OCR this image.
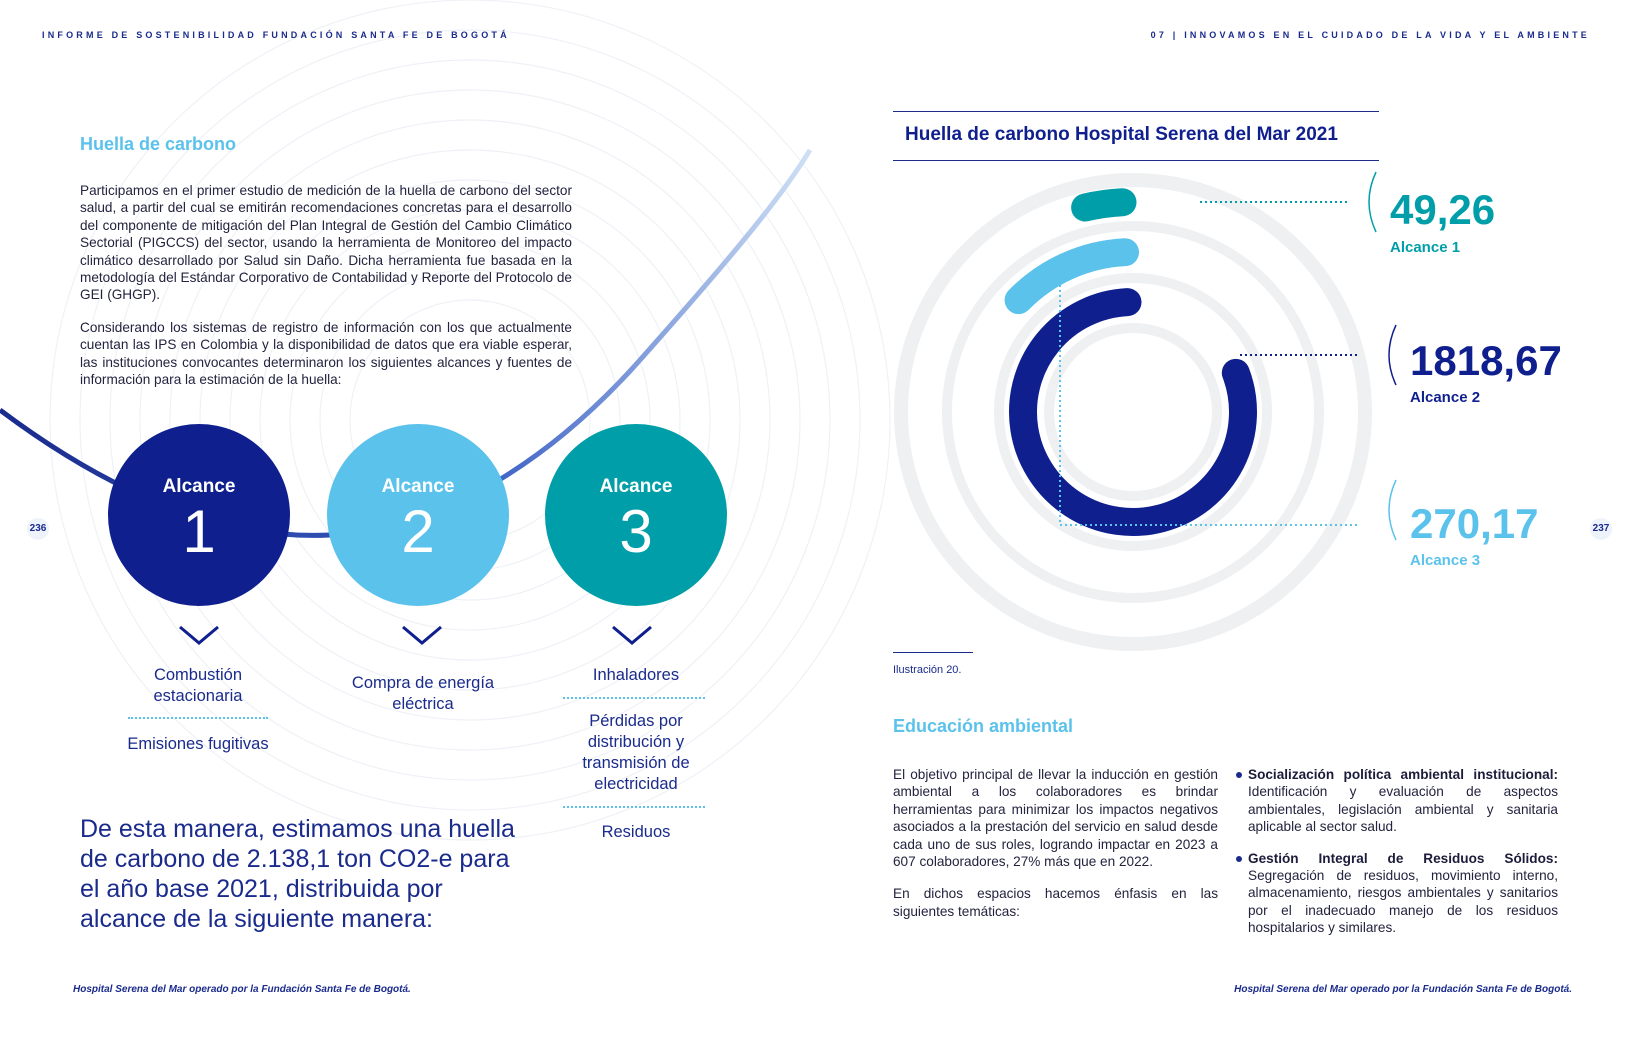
INFORME DE SOSTENIBILIDAD FUNDACIÓN SANTA FE DE BOGOTÁ	07 | INNOVAMOS EN EL CUIDADO DE LA VIDA Y EL AMBIENTE
236	237
Huella de carbono

Participamos en el primer estudio de medición de la huella de carbono del sector salud, a partir del cual se emitirán recomendaciones concretas para el desarrollo del componente de mitigación del Plan Integral de Gestión del Cambio Climático Sectorial (PIGCCS) del sector, usando la herramienta de Monitoreo del impacto climático desarrollado por Salud sin Daño. Dicha herramienta fue basada en la metodología del Estándar Corporativo de Contabilidad y Reporte del Protocolo de GEI (GHGP).

Considerando los sistemas de registro de información con los que actualmente cuentan las IPS en Colombia y la disponibilidad de datos que era viable esperar, las instituciones convocantes determinaron los siguientes alcances y fuentes de información para la estimación de la huella:

Alcance
1
Alcance
2
Alcance
3
Combustión estacionaria
Emisiones fugitivas
Compra de energía eléctrica
Inhaladores
Pérdidas por distribución y transmisión de electricidad
Residuos
De esta manera, estimamos una huella de carbono de 2.138,1 ton CO2-e para el año base 2021, distribuida por alcance de la siguiente manera:
Hospital Serena del Mar operado por la Fundación Santa Fe de Bogotá.
Huella de carbono Hospital Serena del Mar 2021
49,26
Alcance 1
1818,67
Alcance 2
270,17
Alcance 3
Ilustración 20.
Educación ambiental

El objetivo principal de llevar la inducción en gestión ambiental a los colaboradores es brindar herramientas para minimizar los impactos negativos asociados a la prestación del servicio en salud desde cada uno de sus roles, logrando impactar en 2023 a 607 colaboradores, 27% más que en 2022.

En dichos espacios hacemos énfasis en las siguientes temáticas:

Socialización política ambiental institucional: Identificación y evaluación de aspectos ambientales, legislación ambiental y sanitaria aplicable al sector salud.
Gestión Integral de Residuos Sólidos: Segregación de residuos, movimiento interno, almacenamiento, riesgos ambientales y sanitarios por el inadecuado manejo de los residuos hospitalarios y similares.
Hospital Serena del Mar operado por la Fundación Santa Fe de Bogotá.
